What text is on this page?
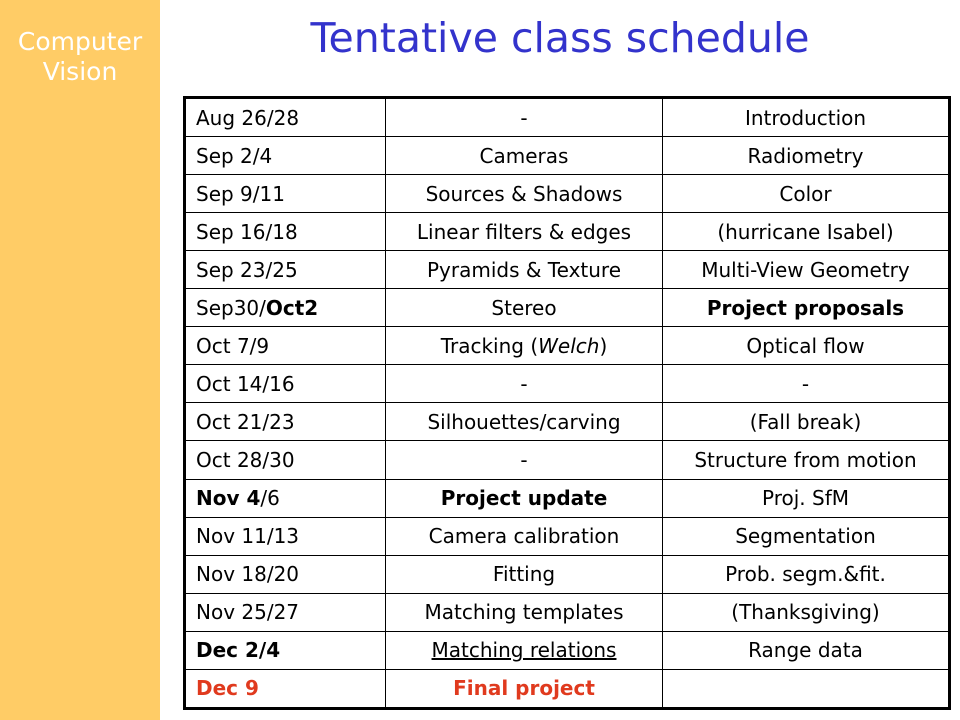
Computer
Vision
Tentative class schedule
Aug 26/28	-	Introduction
Sep 2/4	Cameras	Radiometry
Sep 9/11	Sources & Shadows	Color
Sep 16/18	Linear filters & edges	(hurricane Isabel)
Sep 23/25	Pyramids & Texture	Multi-View Geometry
Sep30/Oct2	Stereo	Project proposals
Oct 7/9	Tracking (Welch)	Optical flow
Oct 14/16	-	-
Oct 21/23	Silhouettes/carving	(Fall break)
Oct 28/30	-	Structure from motion
Nov 4/6	Project update	Proj. SfM
Nov 11/13	Camera calibration	Segmentation
Nov 18/20	Fitting	Prob. segm.&fit.
Nov 25/27	Matching templates	(Thanksgiving)
Dec 2/4	Matching relations	Range data
Dec 9	Final project	
